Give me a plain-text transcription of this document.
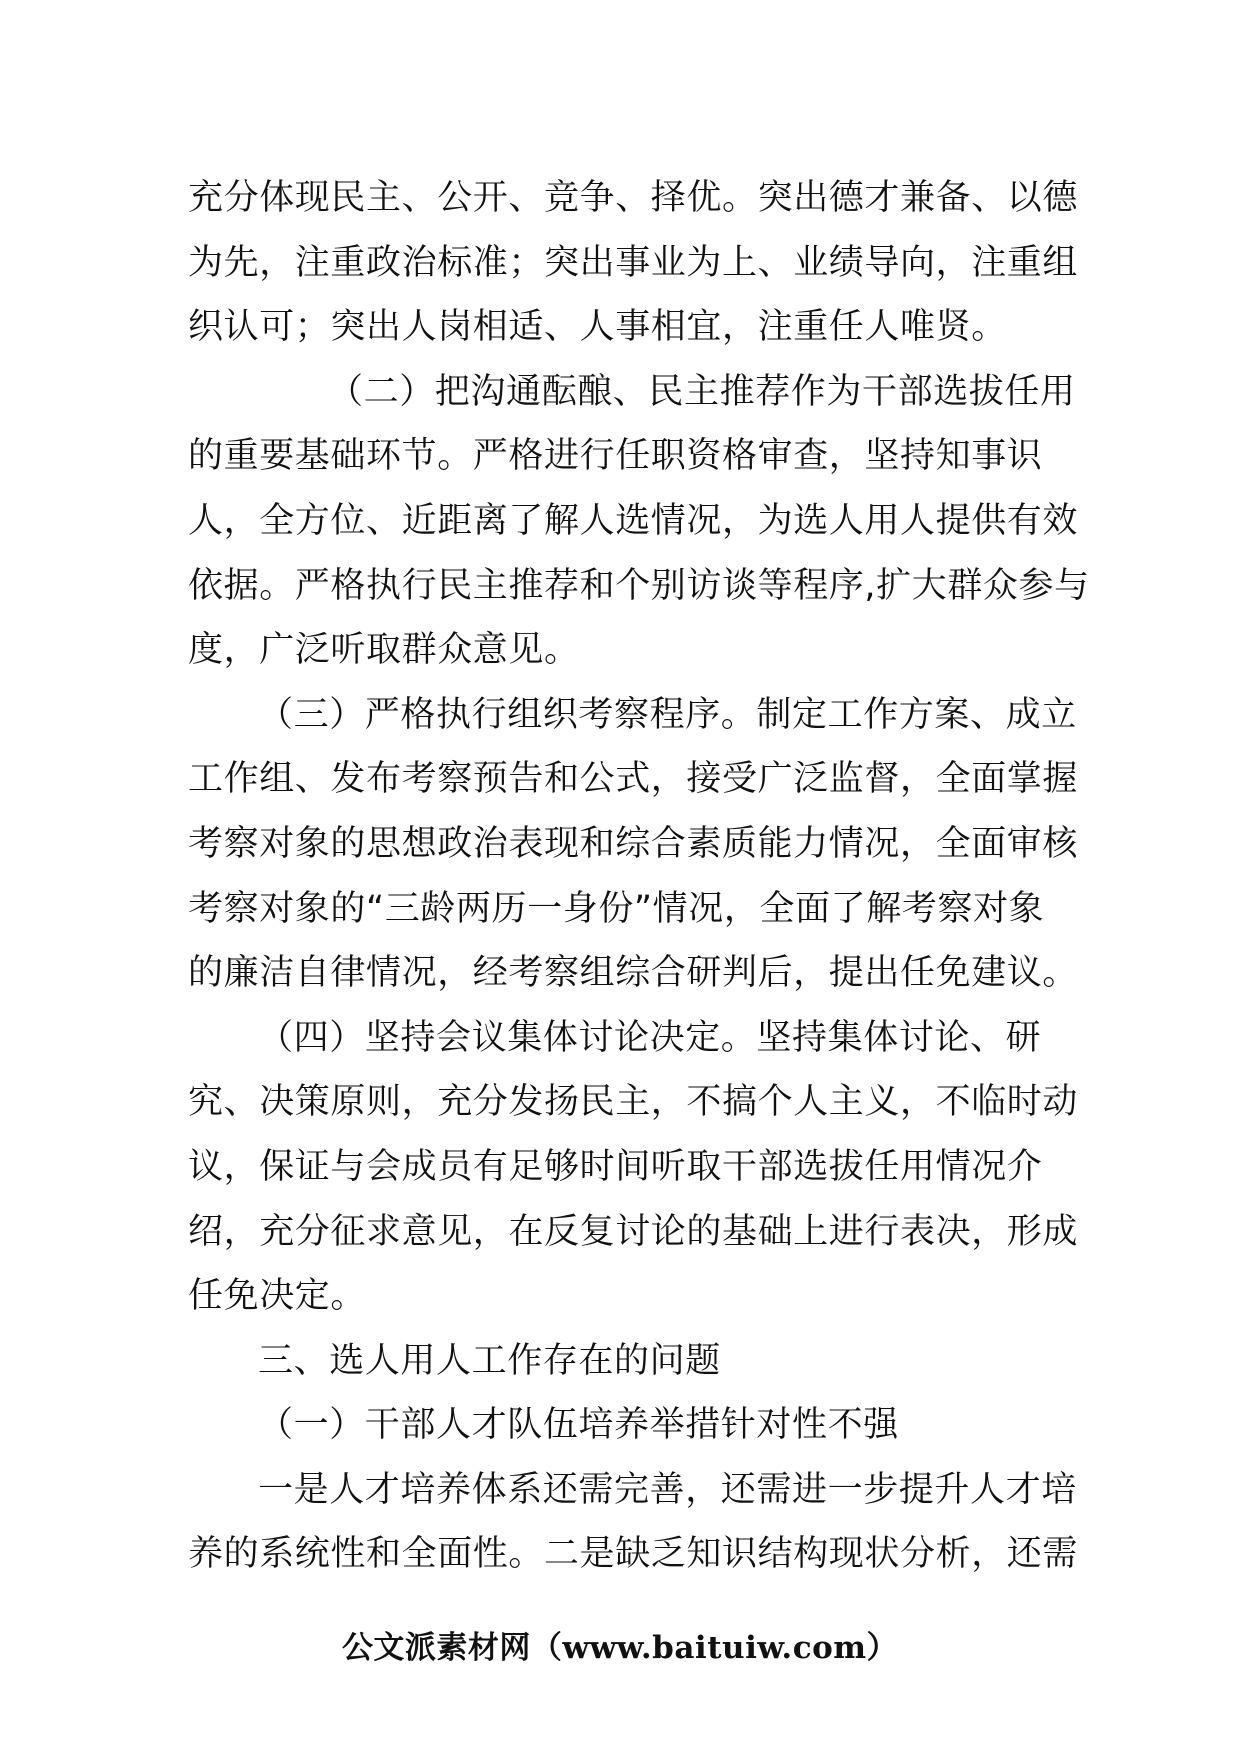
充分体现民主、公开、竞争、择优。突出德才兼备、以德
为先，注重政治标准；突出事业为上、业绩导向，注重组
织认可；突出人岗相适、人事相宜，注重任人唯贤。
（二）把沟通酝酿、民主推荐作为干部选拔任用
的重要基础环节。严格进行任职资格审查，坚持知事识
人，全方位、近距离了解人选情况，为选人用人提供有效
依据。严格执行民主推荐和个别访谈等程序,扩大群众参与
度，广泛听取群众意见。
（三）严格执行组织考察程序。制定工作方案、成立
工作组、发布考察预告和公式，接受广泛监督，全面掌握
考察对象的思想政治表现和综合素质能力情况，全面审核
考察对象的“三龄两历一身份”情况，全面了解考察对象
的廉洁自律情况，经考察组综合研判后，提出任免建议。
（四）坚持会议集体讨论决定。坚持集体讨论、研
究、决策原则，充分发扬民主，不搞个人主义，不临时动
议，保证与会成员有足够时间听取干部选拔任用情况介
绍，充分征求意见，在反复讨论的基础上进行表决，形成
任免决定。
三、选人用人工作存在的问题
（一）干部人才队伍培养举措针对性不强
一是人才培养体系还需完善，还需进一步提升人才培
养的系统性和全面性。二是缺乏知识结构现状分析，还需
公文派素材网（www.baituiw.com）
